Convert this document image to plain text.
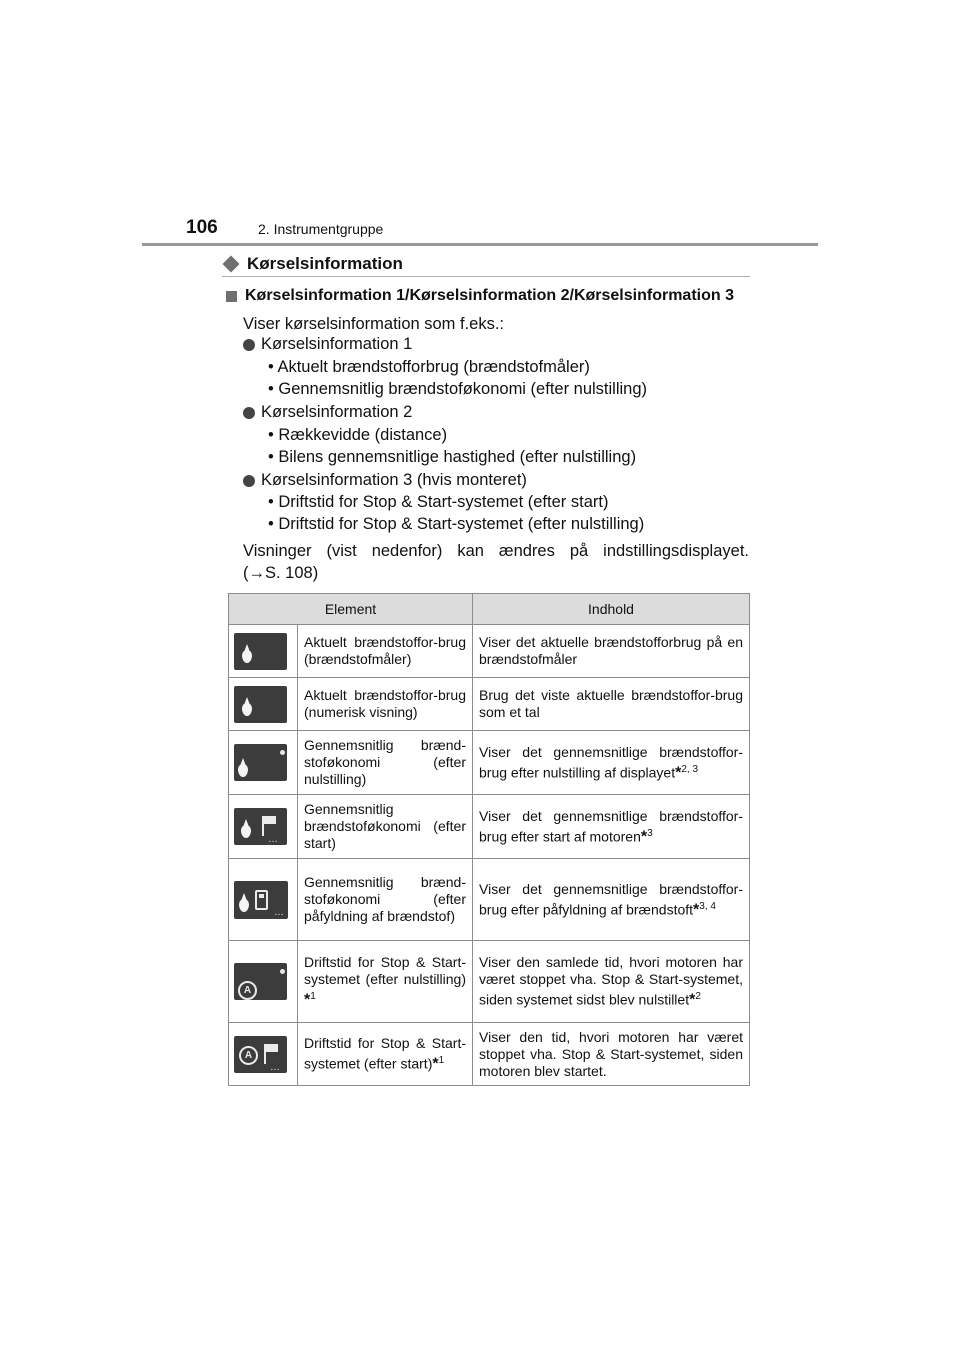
106	2. Instrumentgruppe
Kørselsinformation
Kørselsinformation 1/Kørselsinformation 2/Kørselsinformation 3
Viser kørselsinformation som f.eks.:
Kørselsinformation 1
• Aktuelt brændstofforbrug (brændstofmåler)
• Gennemsnitlig brændstoføkonomi (efter nulstilling)
Kørselsinformation 2
• Rækkevidde (distance)
• Bilens gennemsnitlige hastighed (efter nulstilling)
Kørselsinformation 3 (hvis monteret)
• Driftstid for Stop & Start-systemet (efter start)
• Driftstid for Stop & Start-systemet (efter nulstilling)
Visninger (vist nedenfor) kan ændres på indstillingsdisplayet.
(→S. 108)
Element		Indhold

	Aktuelt brændstoffor-brug (brændstofmåler)	Viser det aktuelle brændstofforbrug på en brændstofmåler

	Aktuelt brændstoffor-brug (numerisk visning)	Brug det viste aktuelle brændstoffor-brug som et tal

	Gennemsnitlig brænd-stoføkonomi (efter nulstilling)	Viser det gennemsnitlige brændstoffor-brug efter nulstilling af displayet*$^{2, 3}$

…	Gennemsnitlig brændstoføkonomi (efter start)	Viser det gennemsnitlige brændstoffor-brug efter start af motoren*$^3$

…	Gennemsnitlig brænd-stoføkonomi (efter påfyldning af brændstof)	Viser det gennemsnitlige brændstoffor-brug efter påfyldning af brændstoft*$^{3, 4}$

A	Driftstid for Stop & Start-systemet (efter nulstilling) *$^1$	Viser den samlede tid, hvori motoren har været stoppet vha. Stop & Start-systemet, siden systemet sidst blev nulstillet*$^2$

A
…	Driftstid for Stop & Start-systemet (efter start)*$^1$	Viser den tid, hvori motoren har været stoppet vha. Stop & Start-systemet, siden motoren blev startet.
